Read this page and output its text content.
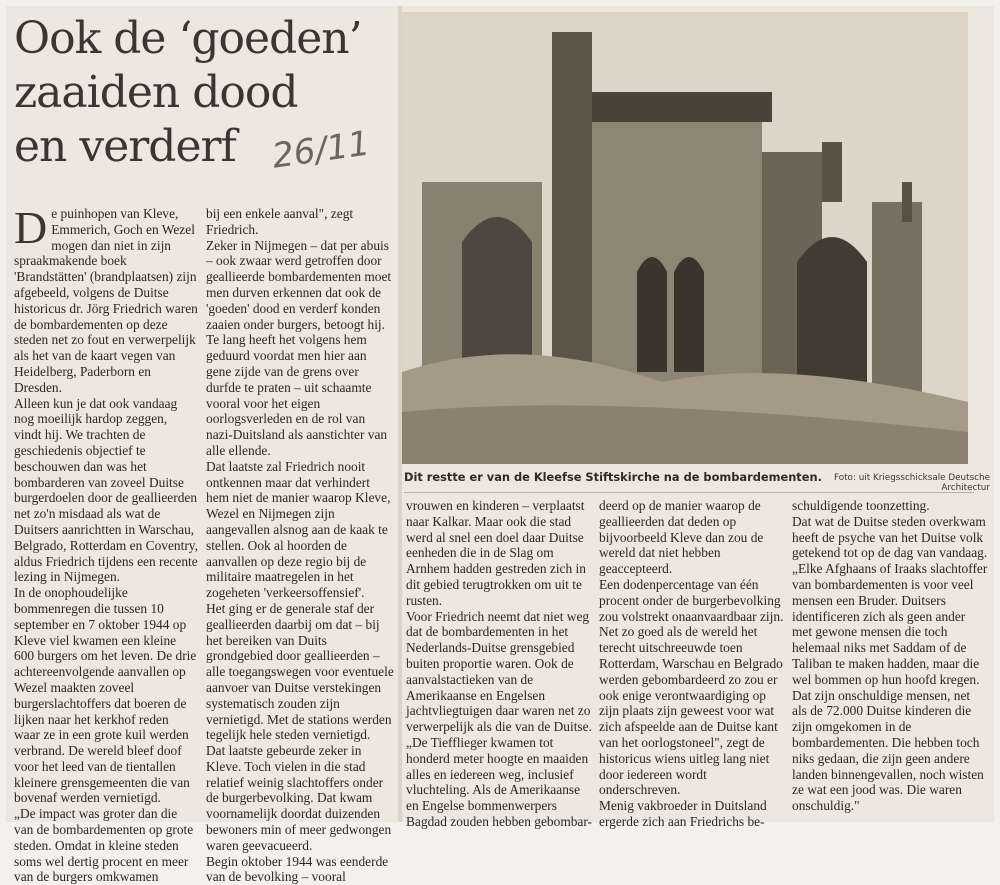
Ook de ‘goeden’
zaaiden dood
en verderf 26/11
D e puinhopen van Kleve, Emmerich, Goch en Wezel mogen dan niet in zijn spraakmakende boek 'Brandstätten' (brandplaatsen) zijn afgebeeld, volgens de Duitse historicus dr. Jörg Friedrich waren de bombardementen op deze steden net zo fout en verwerpelijk als het van de kaart vegen van Heidelberg, Paderborn en Dresden.

Alleen kun je dat ook vandaag nog moeilijk hardop zeggen, vindt hij. We trachten de geschiedenis objectief te beschouwen dan was het bombarderen van zoveel Duitse burgerdoelen door de geallieerden net zo'n misdaad als wat de Duitsers aanrichtten in Warschau, Belgrado, Rotterdam en Coventry, aldus Friedrich tijdens een recente lezing in Nijmegen.

In de onophoudelijke bommenregen die tussen 10 september en 7 oktober 1944 op Kleve viel kwamen een kleine 600 burgers om het leven. De drie achtereenvolgende aanvallen op Wezel maakten zoveel burgerslachtoffers dat boeren de lijken naar het kerkhof reden waar ze in een grote kuil werden verbrand. De wereld bleef doof voor het leed van de tientallen kleinere grensgemeenten die van bovenaf werden vernietigd.

„De impact was groter dan die van de bombardementen op grote steden. Omdat in kleine steden soms wel dertig procent en meer van de burgers omkwamen

bij een enkele aanval", zegt Friedrich.

Zeker in Nijmegen – dat per abuis – ook zwaar werd getroffen door geallieerde bombardementen moet men durven erkennen dat ook de 'goeden' dood en verderf konden zaaien onder burgers, betoogt hij. Te lang heeft het volgens hem geduurd voordat men hier aan gene zijde van de grens over durfde te praten – uit schaamte vooral voor het eigen oorlogsverleden en de rol van nazi-Duitsland als aanstichter van alle ellende.

Dat laatste zal Friedrich nooit ontkennen maar dat verhindert hem niet de manier waarop Kleve, Wezel en Nijmegen zijn aangevallen alsnog aan de kaak te stellen. Ook al hoorden de aanvallen op deze regio bij de militaire maatregelen in het zogeheten 'verkeersoffensief'.

Het ging er de generale staf der geallieerden daarbij om dat – bij het bereiken van Duits grondgebied door geallieerden – alle toegangswegen voor eventuele aanvoer van Duitse verstekingen systematisch zouden zijn vernietigd. Met de stations werden tegelijk hele steden vernietigd.

Dat laatste gebeurde zeker in Kleve. Toch vielen in die stad relatief weinig slachtoffers onder de burgerbevolking. Dat kwam voornamelijk doordat duizenden bewoners min of meer gedwongen waren geevacueerd.

Begin oktober 1944 was eenderde van de bevolking – vooral

Dit restte er van de Kleefse Stiftskirche na de bombardementen.	Foto: uit Kriegsschicksale Deutsche Architectur

vrouwen en kinderen – verplaatst naar Kalkar. Maar ook die stad werd al snel een doel daar Duitse eenheden die in de Slag om Arnhem hadden gestreden zich in dit gebied terugtrokken om uit te rusten.

Voor Friedrich neemt dat niet weg dat de bombardementen in het Nederlands-Duitse grensgebied buiten proportie waren. Ook de aanvalstactieken van de Amerikaanse en Engelsen jachtvliegtuigen daar waren net zo verwerpelijk als die van de Duitse.

„De Tiefflieger kwamen tot honderd meter hoogte en maaiden alles en iedereen weg, inclusief vluchteling. Als de Amerikaanse en Engelse bommenwerpers Bagdad zouden hebben gebombar-

deerd op de manier waarop de geallieerden dat deden op bijvoorbeeld Kleve dan zou de wereld dat niet hebben geaccepteerd.

Een dodenpercentage van één procent onder de burgerbevolking zou volstrekt onaanvaardbaar zijn.

Net zo goed als de wereld het terecht uitschreeuwde toen Rotterdam, Warschau en Belgrado werden gebombardeerd zo zou er ook enige verontwaardiging op zijn plaats zijn geweest voor wat zich afspeelde aan de Duitse kant van het oorlogstoneel", zegt de historicus wiens uitleg lang niet door iedereen wordt onderschreven.

Menig vakbroeder in Duitsland ergerde zich aan Friedrichs be-

schuldigende toonzetting.

Dat wat de Duitse steden overkwam heeft de psyche van het Duitse volk getekend tot op de dag van vandaag.

„Elke Afghaans of Iraaks slachtoffer van bombardementen is voor veel mensen een Bruder. Duitsers identificeren zich als geen ander met gewone mensen die toch helemaal niks met Saddam of de Taliban te maken hadden, maar die wel bommen op hun hoofd kregen. Dat zijn onschuldige mensen, net als de 72.000 Duitse kinderen die zijn omgekomen in de bombardementen. Die hebben toch niks gedaan, die zijn geen andere landen binnengevallen, noch wisten ze wat een jood was. Die waren onschuldig."
